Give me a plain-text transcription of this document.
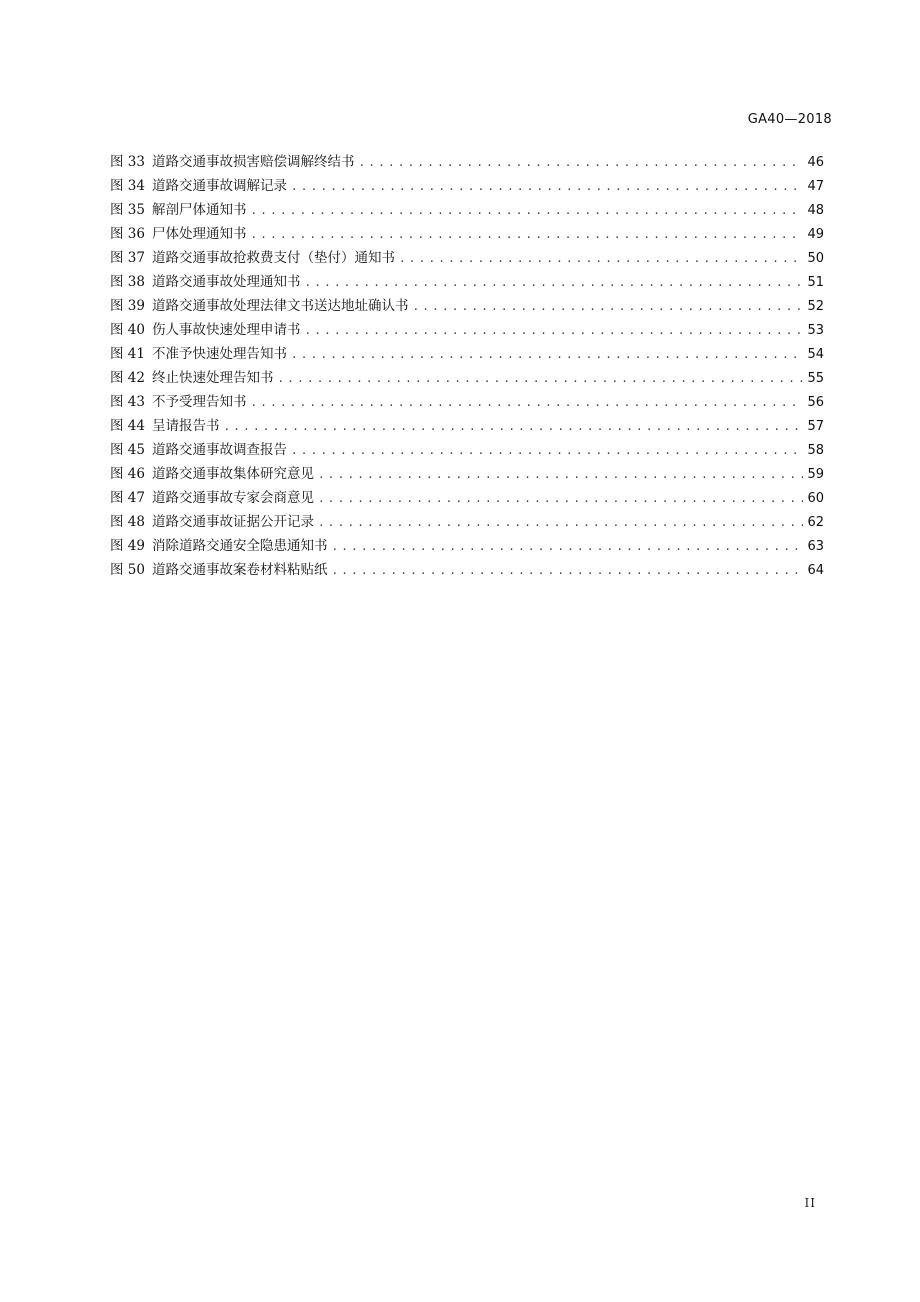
GA40—2018
图 33 道路交通事故损害赔偿调解终结书 .....	46
图 34 道路交通事故调解记录 .....	47
图 35 解剖尸体通知书 .....	48
图 36 尸体处理通知书 .....	49
图 37 道路交通事故抢救费支付（垫付）通知书 .....	50
图 38 道路交通事故处理通知书 .....	51
图 39 道路交通事故处理法律文书送达地址确认书 .....	52
图 40 伤人事故快速处理申请书 .....	53
图 41 不准予快速处理告知书 .....	54
图 42 终止快速处理告知书 .....	55
图 43 不予受理告知书 .....	56
图 44 呈请报告书 .....	57
图 45 道路交通事故调查报告 .....	58
图 46 道路交通事故集体研究意见 .....	59
图 47 道路交通事故专家会商意见 .....	60
图 48 道路交通事故证据公开记录 .....	62
图 49 消除道路交通安全隐患通知书 .....	63
图 50 道路交通事故案卷材料粘贴纸 .....	64
II
